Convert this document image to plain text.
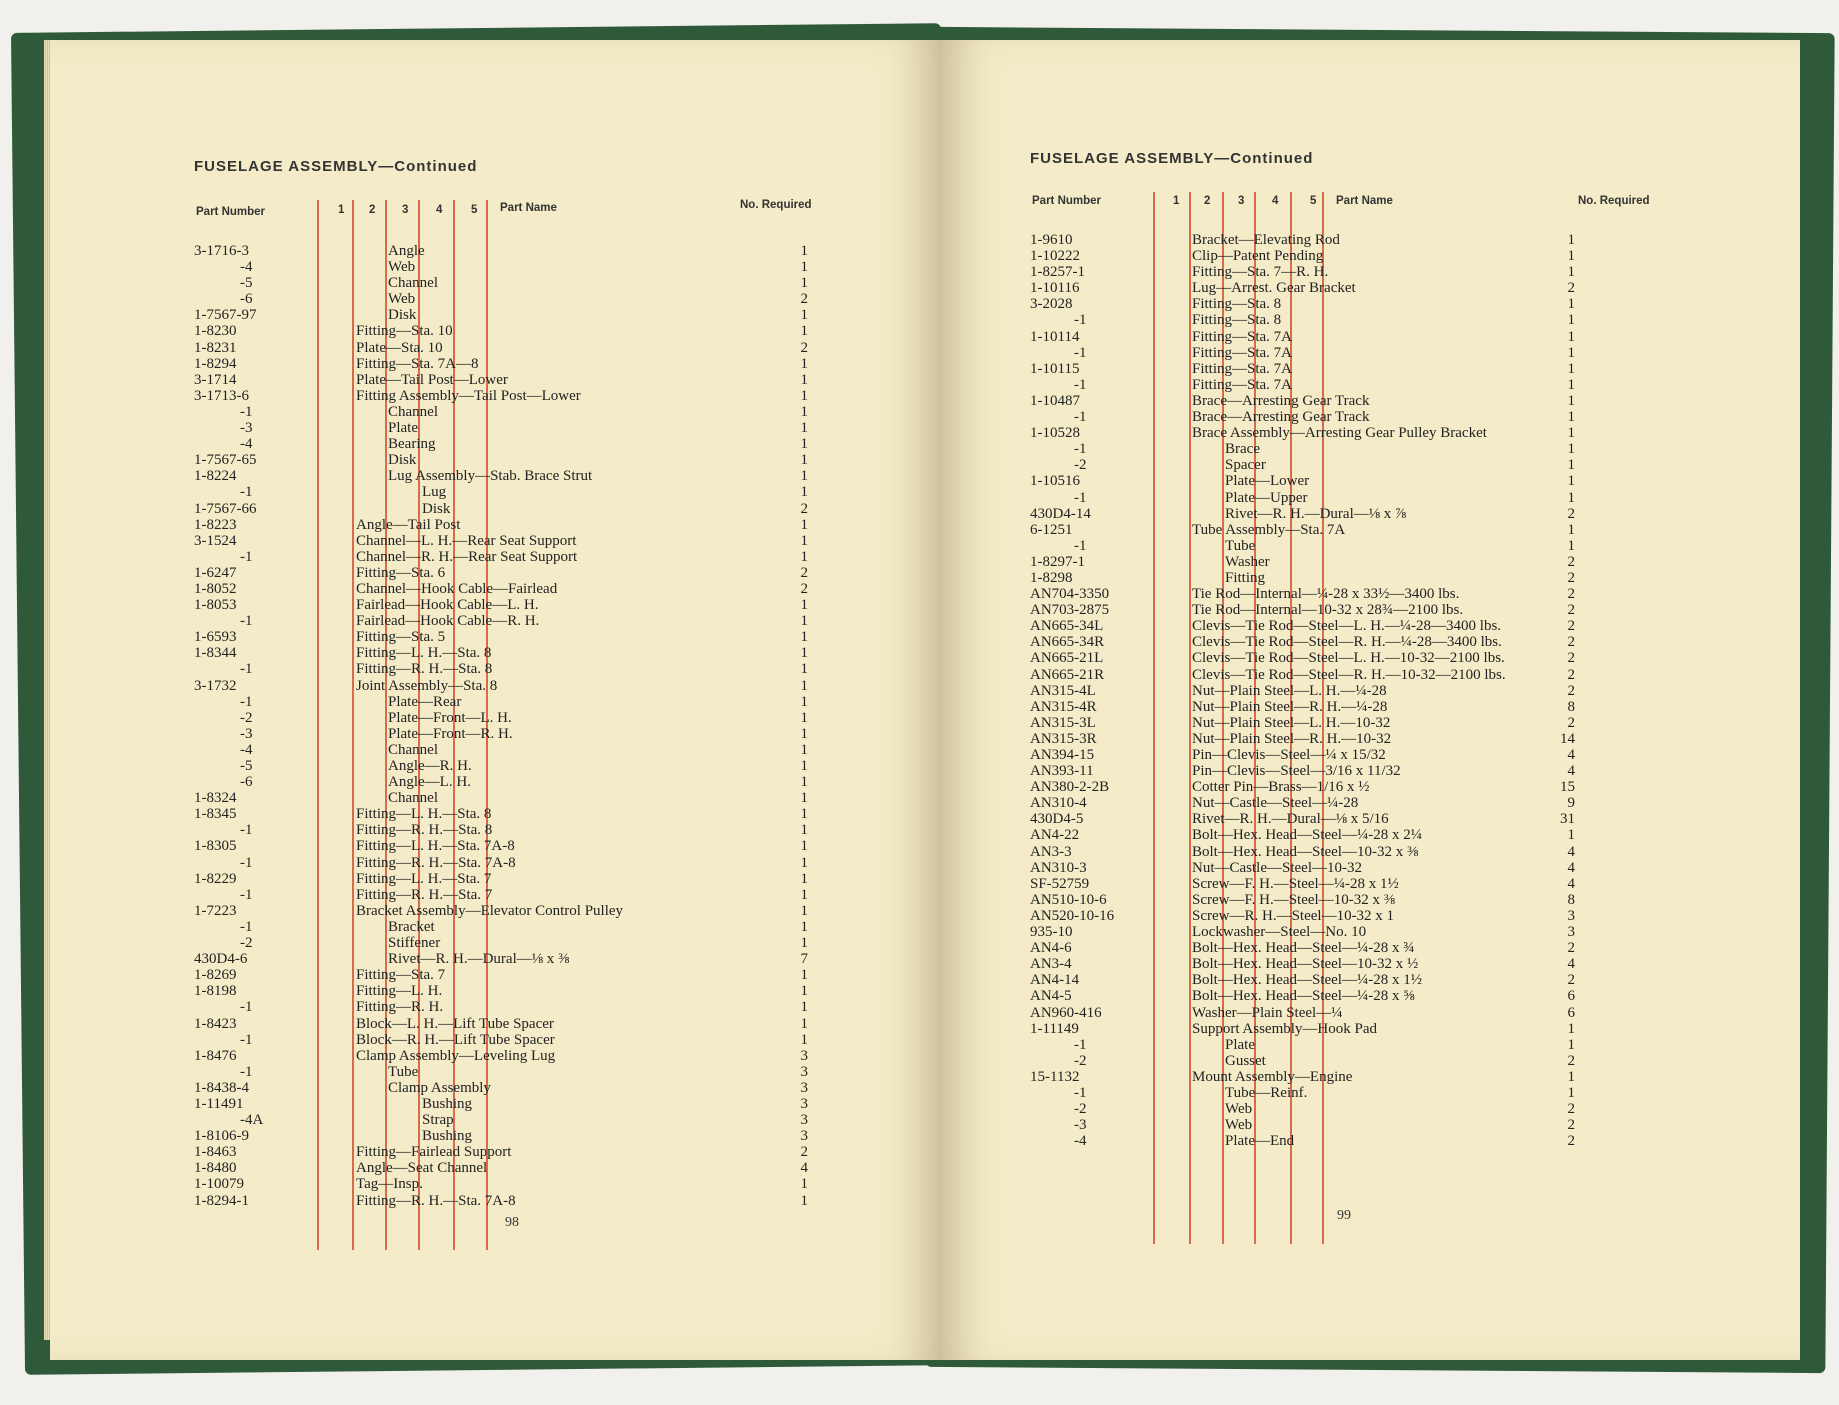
FUSELAGE ASSEMBLY—Continued
Part Number	1 2 3 4 5 Part Name	No. Required
3-1716-3	Angle	1
-4	Web	1
-5	Channel	1
-6	Web	2
1-7567-97	Disk	1
1-8230	Fitting—Sta. 10	1
1-8231	Plate—Sta. 10	2
1-8294	Fitting—Sta. 7A—8	1
3-1714	Plate—Tail Post—Lower	1
3-1713-6	Fitting Assembly—Tail Post—Lower	1
-1	Channel	1
-3	Plate	1
-4	Bearing	1
1-7567-65	Disk	1
1-8224	Lug Assembly—Stab. Brace Strut	1
-1	Lug	1
1-7567-66	Disk	2
1-8223	Angle—Tail Post	1
3-1524	Channel—L. H.—Rear Seat Support	1
-1	Channel—R. H.—Rear Seat Support	1
1-6247	Fitting—Sta. 6	2
1-8052	Channel—Hook Cable—Fairlead	2
1-8053	Fairlead—Hook Cable—L. H.	1
-1	Fairlead—Hook Cable—R. H.	1
1-6593	Fitting—Sta. 5	1
1-8344	Fitting—L. H.—Sta. 8	1
-1	Fitting—R. H.—Sta. 8	1
3-1732	Joint Assembly—Sta. 8	1
-1	Plate—Rear	1
-2	Plate—Front—L. H.	1
-3	Plate—Front—R. H.	1
-4	Channel	1
-5	Angle—R. H.	1
-6	Angle—L. H.	1
1-8324	Channel	1
1-8345	Fitting—L. H.—Sta. 8	1
-1	Fitting—R. H.—Sta. 8	1
1-8305	Fitting—L. H.—Sta. 7A-8	1
-1	Fitting—R. H.—Sta. 7A-8	1
1-8229	Fitting—L. H.—Sta. 7	1
-1	Fitting—R. H.—Sta. 7	1
1-7223	Bracket Assembly—Elevator Control Pulley	1
-1	Bracket	1
-2	Stiffener	1
430D4-6	Rivet—R. H.—Dural—⅛ x ⅜	7
1-8269	Fitting—Sta. 7	1
1-8198	Fitting—L. H.	1
-1	Fitting—R. H.	1
1-8423	Block—L. H.—Lift Tube Spacer	1
-1	Block—R. H.—Lift Tube Spacer	1
1-8476	Clamp Assembly—Leveling Lug	3
-1	Tube	3
1-8438-4	Clamp Assembly	3
1-11491	Bushing	3
-4A	Strap	3
1-8106-9	Bushing	3
1-8463	Fitting—Fairlead Support	2
1-8480	Angle—Seat Channel	4
1-10079	Tag—Insp.	1
1-8294-1	Fitting—R. H.—Sta. 7A-8	1
98
FUSELAGE ASSEMBLY—Continued
Part Number	1 2 3 4	5 Part Name	No. Required
1-9610	Bracket—Elevating Rod	1
1-10222	Clip—Patent Pending	1
1-8257-1	Fitting—Sta. 7—R. H.	1
1-10116	Lug—Arrest. Gear Bracket	2
3-2028	Fitting—Sta. 8	1
-1	Fitting—Sta. 8	1
1-10114	Fitting—Sta. 7A	1
-1	Fitting—Sta. 7A	1
1-10115	Fitting—Sta. 7A	1
-1	Fitting—Sta. 7A	1
1-10487	Brace—Arresting Gear Track	1
-1	Brace—Arresting Gear Track	1
1-10528	Brace Assembly—Arresting Gear Pulley Bracket	1
-1	Brace	1
-2	Spacer	1
1-10516	Plate—Lower	1
-1	Plate—Upper	1
430D4-14	Rivet—R. H.—Dural—⅛ x ⅞	2
6-1251	Tube Assembly—Sta. 7A	1
-1	Tube	1
1-8297-1	Washer	2
1-8298	Fitting	2
AN704-3350	Tie Rod—Internal—¼-28 x 33½—3400 lbs.	2
AN703-2875	Tie Rod—Internal—10-32 x 28¾—2100 lbs.	2
AN665-34L	Clevis—Tie Rod—Steel—L. H.—¼-28—3400 lbs.	2
AN665-34R	Clevis—Tie Rod—Steel—R. H.—¼-28—3400 lbs.	2
AN665-21L	Clevis—Tie Rod—Steel—L. H.—10-32—2100 lbs.	2
AN665-21R	Clevis—Tie Rod—Steel—R. H.—10-32—2100 lbs.	2
AN315-4L	Nut—Plain Steel—L. H.—¼-28	2
AN315-4R	Nut—Plain Steel—R. H.—¼-28	8
AN315-3L	Nut—Plain Steel—L. H.—10-32	2
AN315-3R	Nut—Plain Steel—R. H.—10-32	14
AN394-15	Pin—Clevis—Steel—¼ x 15/32	4
AN393-11	Pin—Clevis—Steel—3/16 x 11/32	4
AN380-2-2B	Cotter Pin—Brass—1/16 x ½	15
AN310-4	Nut—Castle—Steel—¼-28	9
430D4-5	Rivet—R. H.—Dural—⅛ x 5/16	31
AN4-22	Bolt—Hex. Head—Steel—¼-28 x 2¼	1
AN3-3	Bolt—Hex. Head—Steel—10-32 x ⅜	4
AN310-3	Nut—Castle—Steel—10-32	4
SF-52759	Screw—F. H.—Steel—¼-28 x 1½	4
AN510-10-6	Screw—F. H.—Steel—10-32 x ⅜	8
AN520-10-16	Screw—R. H.—Steel—10-32 x 1	3
935-10	Lockwasher—Steel—No. 10	3
AN4-6	Bolt—Hex. Head—Steel—¼-28 x ¾	2
AN3-4	Bolt—Hex. Head—Steel—10-32 x ½	4
AN4-14	Bolt—Hex. Head—Steel—¼-28 x 1½	2
AN4-5	Bolt—Hex. Head—Steel—¼-28 x ⅝	6
AN960-416	Washer—Plain Steel—¼	6
1-11149	Support Assembly—Hook Pad	1
-1	Plate	1
-2	Gusset	2
15-1132	Mount Assembly—Engine	1
-1	Tube—Reinf.	1
-2	Web	2
-3	Web	2
-4	Plate—End	2
99
